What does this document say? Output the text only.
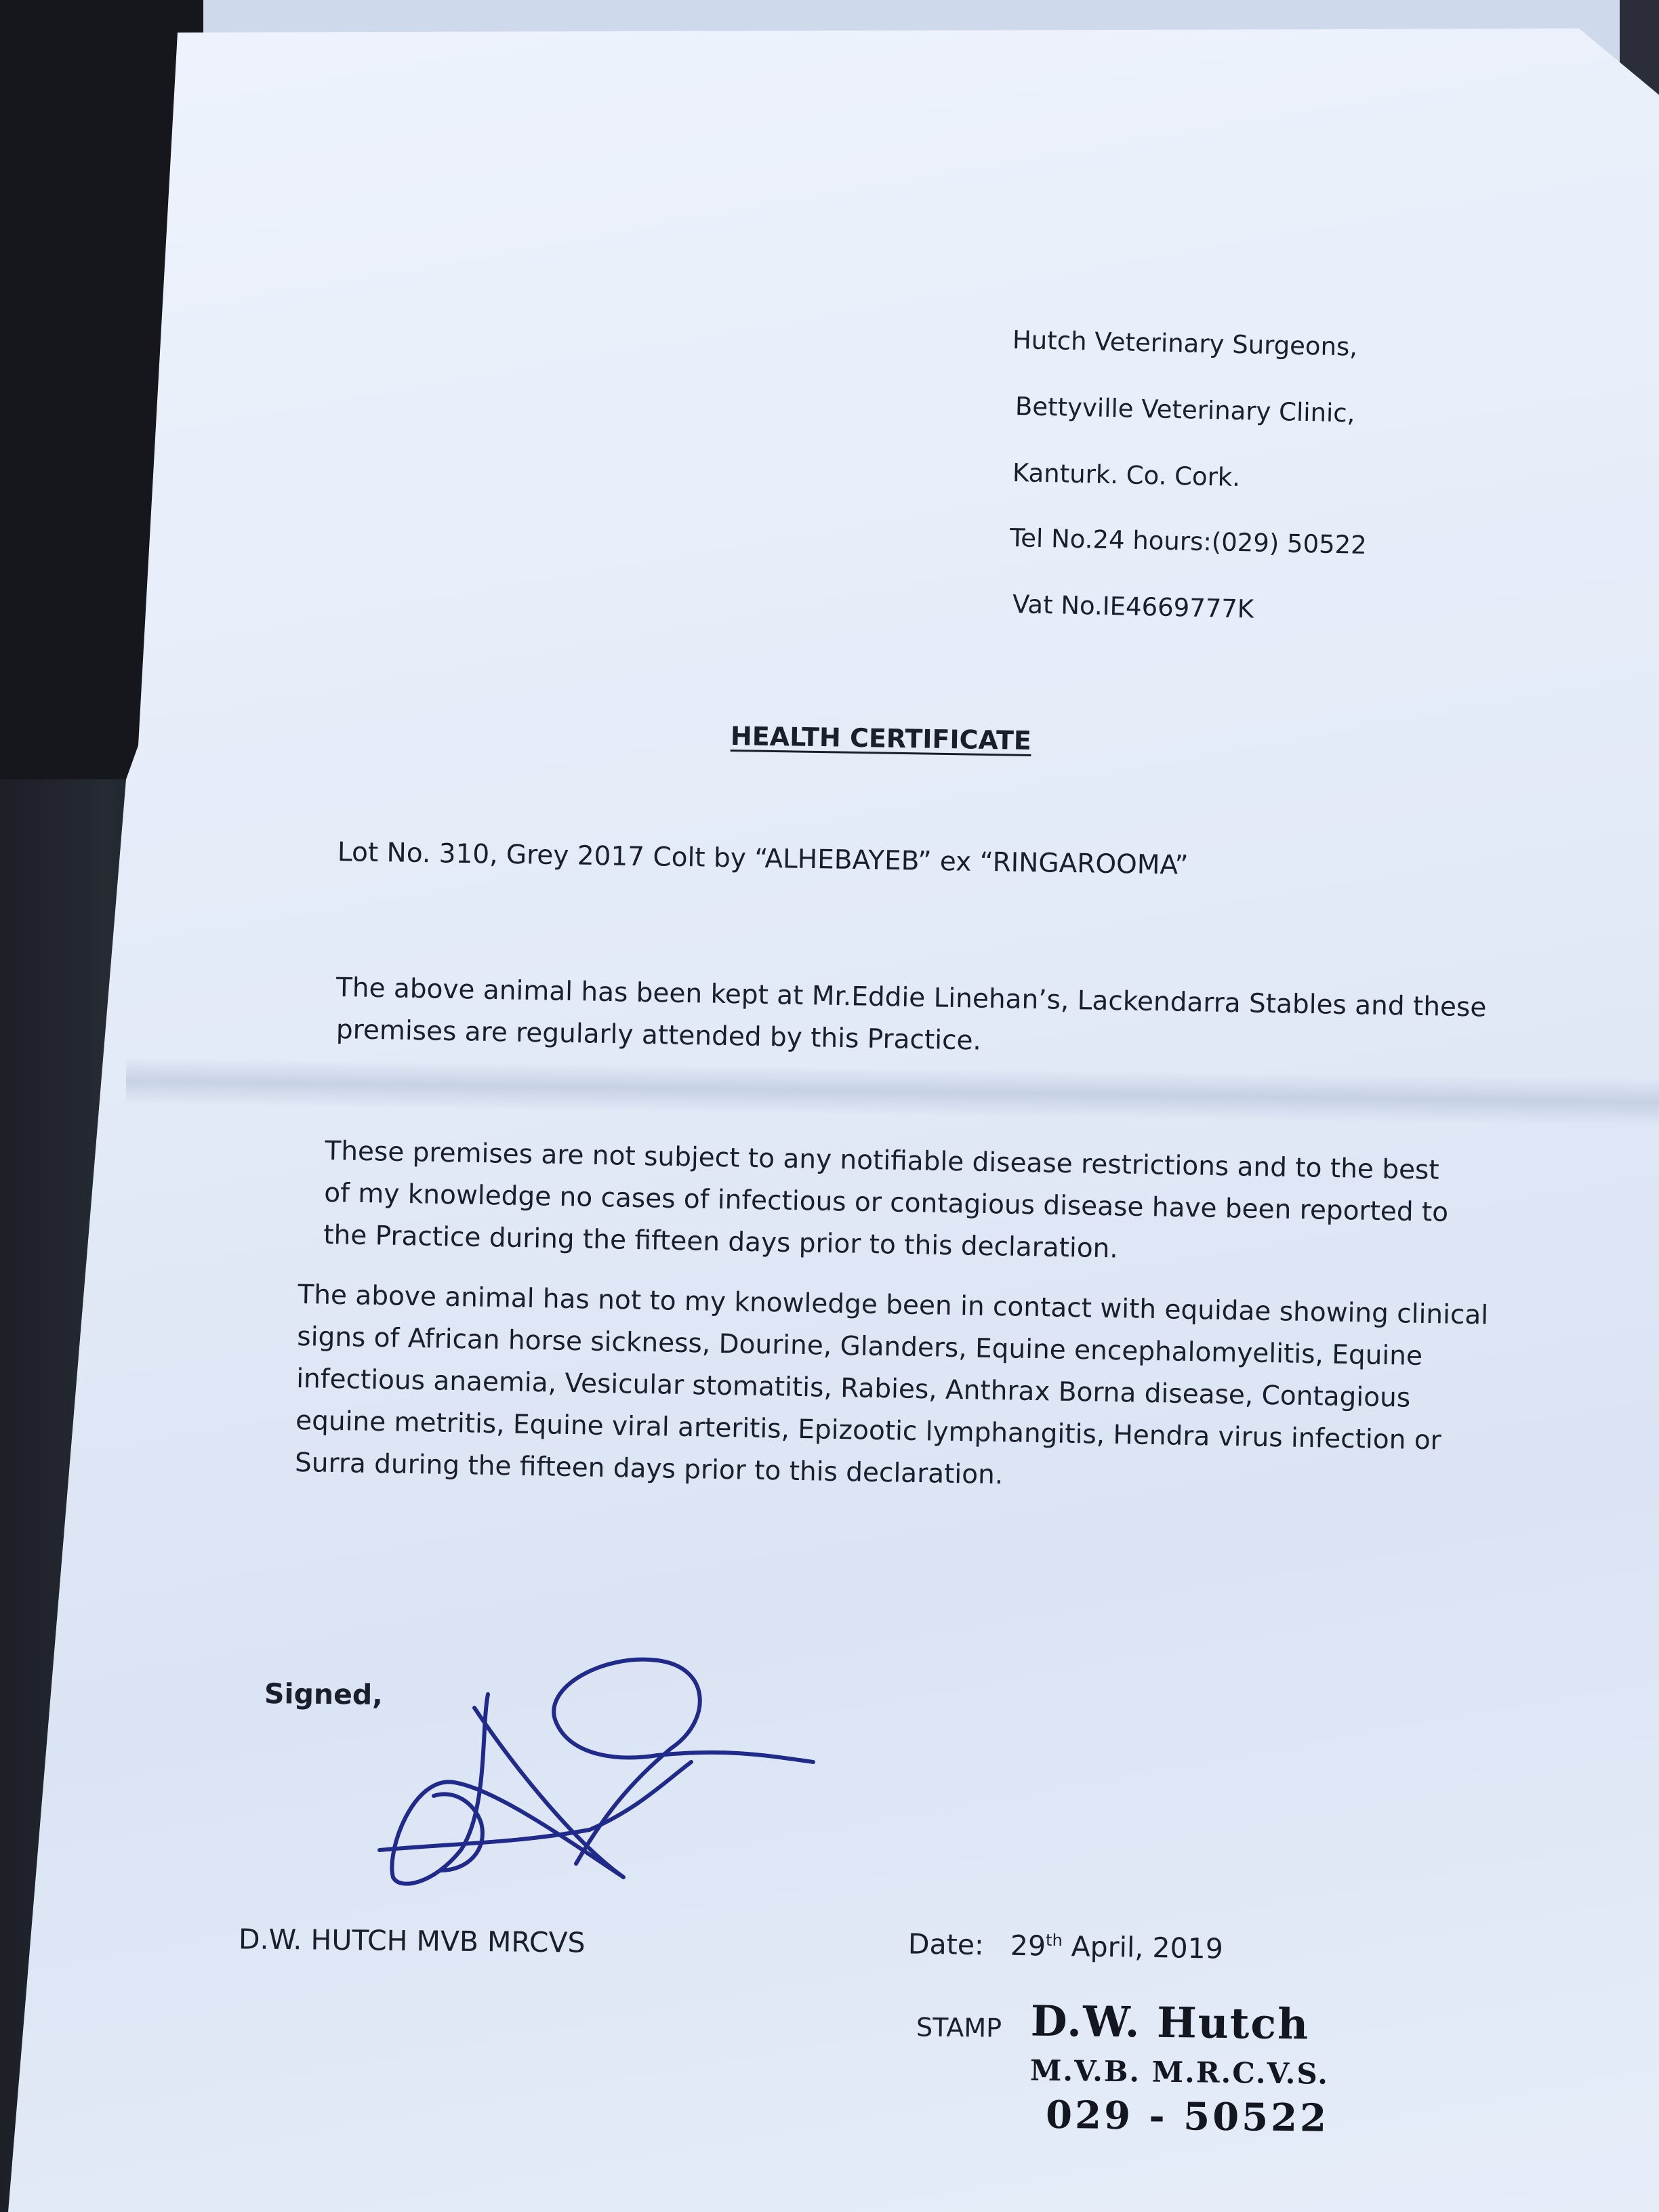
Hutch Veterinary Surgeons,
Bettyville Veterinary Clinic,
Kanturk. Co. Cork.
Tel No.24 hours:(029) 50522
Vat No.IE4669777K
HEALTH CERTIFICATE
Lot No. 310, Grey 2017 Colt by “ALHEBAYEB” ex “RINGAROOMA”
The above animal has been kept at Mr.Eddie Linehan’s, Lackendarra Stables and these
premises are regularly attended by this Practice.
These premises are not subject to any notifiable disease restrictions and to the best of my knowledge no cases of infectious or contagious disease have been reported to the Practice during the fifteen days prior to this declaration.
The above animal has not to my knowledge been in contact with equidae showing clinical signs of African horse sickness, Dourine, Glanders, Equine encephalomyelitis, Equine infectious anaemia, Vesicular stomatitis, Rabies, Anthrax Borna disease, Contagious equine metritis, Equine viral arteritis, Epizootic lymphangitis, Hendra virus infection or Surra during the fifteen days prior to this declaration.
Signed,
D.W. HUTCH MVB MRCVS	Date: 29th April, 2019
STAMP D.W. Hutch
M.V.B. M.R.C.V.S.
029 - 50522
